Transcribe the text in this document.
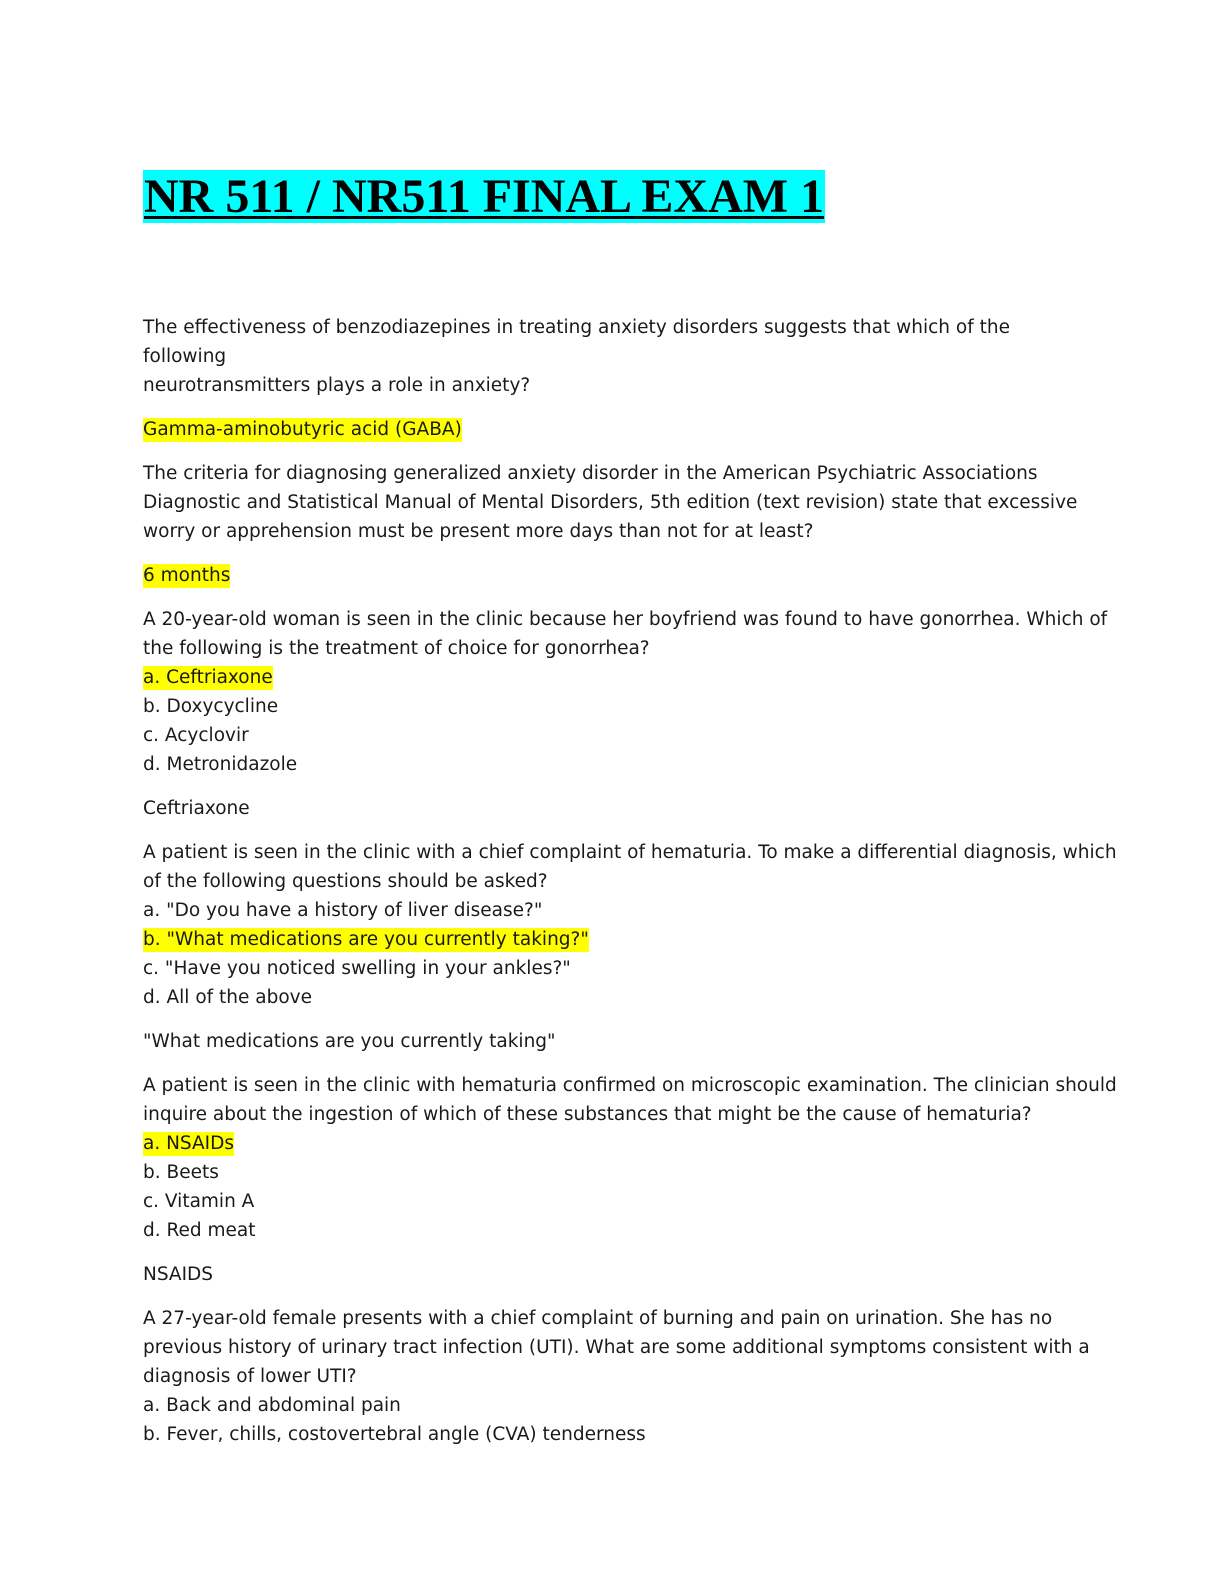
NR 511 / NR511 FINAL EXAM 1
The effectiveness of benzodiazepines in treating anxiety disorders suggests that which of the following
neurotransmitters plays a role in anxiety?
Gamma-aminobutyric acid (GABA)
The criteria for diagnosing generalized anxiety disorder in the American Psychiatric Associations
Diagnostic and Statistical Manual of Mental Disorders, 5th edition (text revision) state that excessive
worry or apprehension must be present more days than not for at least?
6 months
A 20-year-old woman is seen in the clinic because her boyfriend was found to have gonorrhea. Which of
the following is the treatment of choice for gonorrhea?
a. Ceftriaxone
b. Doxycycline
c. Acyclovir
d. Metronidazole
Ceftriaxone
A patient is seen in the clinic with a chief complaint of hematuria. To make a differential diagnosis, which
of the following questions should be asked?
a. "Do you have a history of liver disease?"
b. "What medications are you currently taking?"
c. "Have you noticed swelling in your ankles?"
d. All of the above
"What medications are you currently taking"
A patient is seen in the clinic with hematuria confirmed on microscopic examination. The clinician should
inquire about the ingestion of which of these substances that might be the cause of hematuria?
a. NSAIDs
b. Beets
c. Vitamin A
d. Red meat
NSAIDS
A 27-year-old female presents with a chief complaint of burning and pain on urination. She has no
previous history of urinary tract infection (UTI). What are some additional symptoms consistent with a
diagnosis of lower UTI?
a. Back and abdominal pain
b. Fever, chills, costovertebral angle (CVA) tenderness
